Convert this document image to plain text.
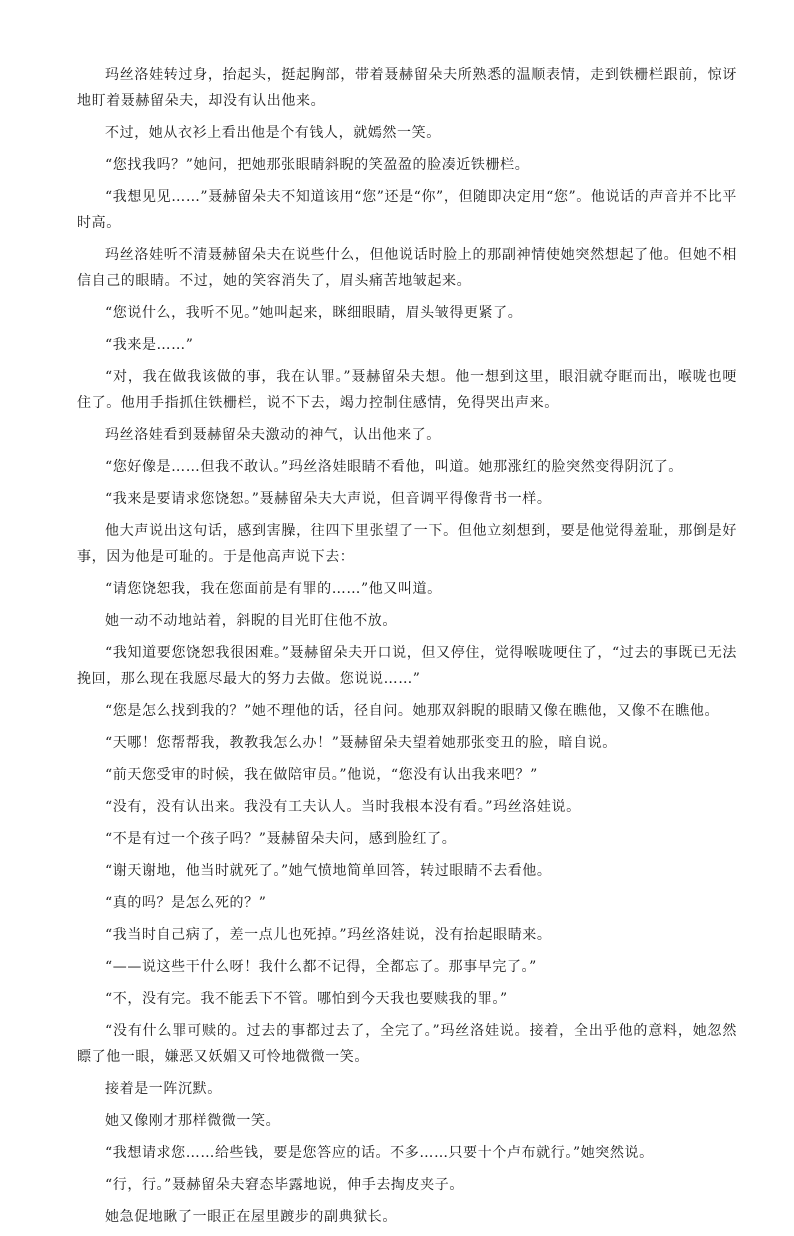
玛丝洛娃转过身，抬起头，挺起胸部，带着聂赫留朵夫所熟悉的温顺表情，走到铁栅栏跟前，惊讶地盯着聂赫留朵夫，却没有认出他来。

不过，她从衣衫上看出他是个有钱人，就嫣然一笑。

“您找我吗？”她问，把她那张眼睛斜睨的笑盈盈的脸凑近铁栅栏。

“我想见见……”聂赫留朵夫不知道该用“您”还是“你”，但随即决定用“您”。他说话的声音并不比平时高。

玛丝洛娃听不清聂赫留朵夫在说些什么，但他说话时脸上的那副神情使她突然想起了他。但她不相信自己的眼睛。不过，她的笑容消失了，眉头痛苦地皱起来。

“您说什么，我听不见。”她叫起来，眯细眼睛，眉头皱得更紧了。

“我来是……”

“对，我在做我该做的事，我在认罪。”聂赫留朵夫想。他一想到这里，眼泪就夺眶而出，喉咙也哽住了。他用手指抓住铁栅栏，说不下去，竭力控制住感情，免得哭出声来。

玛丝洛娃看到聂赫留朵夫激动的神气，认出他来了。

“您好像是……但我不敢认。”玛丝洛娃眼睛不看他，叫道。她那涨红的脸突然变得阴沉了。

“我来是要请求您饶恕。”聂赫留朵夫大声说，但音调平得像背书一样。

他大声说出这句话，感到害臊，往四下里张望了一下。但他立刻想到，要是他觉得羞耻，那倒是好事，因为他是可耻的。于是他高声说下去：

“请您饶恕我，我在您面前是有罪的……”他又叫道。

她一动不动地站着，斜睨的目光盯住他不放。

“我知道要您饶恕我很困难。”聂赫留朵夫开口说，但又停住，觉得喉咙哽住了，“过去的事既已无法挽回，那么现在我愿尽最大的努力去做。您说说……”

“您是怎么找到我的？”她不理他的话，径自问。她那双斜睨的眼睛又像在瞧他，又像不在瞧他。

“天哪！您帮帮我，教教我怎么办！”聂赫留朵夫望着她那张变丑的脸，暗自说。

“前天您受审的时候，我在做陪审员。”他说，“您没有认出我来吧？”

“没有，没有认出来。我没有工夫认人。当时我根本没有看。”玛丝洛娃说。

“不是有过一个孩子吗？”聂赫留朵夫问，感到脸红了。

“谢天谢地，他当时就死了。”她气愤地简单回答，转过眼睛不去看他。

“真的吗？是怎么死的？”

“我当时自己病了，差一点儿也死掉。”玛丝洛娃说，没有抬起眼睛来。

“——说这些干什么呀！我什么都不记得，全都忘了。那事早完了。”

“不，没有完。我不能丢下不管。哪怕到今天我也要赎我的罪。”

“没有什么罪可赎的。过去的事都过去了，全完了。”玛丝洛娃说。接着，全出乎他的意料，她忽然瞟了他一眼，嫌恶又妖媚又可怜地微微一笑。

接着是一阵沉默。

她又像刚才那样微微一笑。

“我想请求您……给些钱，要是您答应的话。不多……只要十个卢布就行。”她突然说。

“行，行。”聂赫留朵夫窘态毕露地说，伸手去掏皮夹子。

她急促地瞅了一眼正在屋里踱步的副典狱长。
